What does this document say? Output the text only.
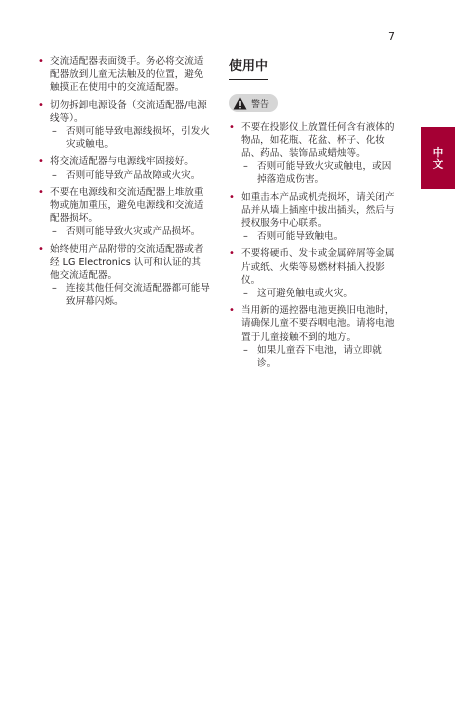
7
中文
• 交流适配器表面烫手。务必将交流适配器放到儿童无法触及的位置，避免触摸正在使用中的交流适配器。
• 切勿拆卸电源设备（交流适配器/电源线等）。
– 否则可能导致电源线损坏，引发火灾或触电。
• 将交流适配器与电源线牢固接好。
– 否则可能导致产品故障或火灾。
• 不要在电源线和交流适配器上堆放重物或施加重压，避免电源线和交流适配器损坏。
– 否则可能导致火灾或产品损坏。
• 始终使用产品附带的交流适配器或者经 LG Electronics 认可和认证的其他交流适配器。
– 连接其他任何交流适配器都可能导致屏幕闪烁。
使用中
警告
• 不要在投影仪上放置任何含有液体的物品，如花瓶、花盆、杯子、化妆品、药品、装饰品或蜡烛等。
– 否则可能导致火灾或触电，或因掉落造成伤害。
• 如重击本产品或机壳损坏，请关闭产品并从墙上插座中拔出插头，然后与授权服务中心联系。
– 否则可能导致触电。
• 不要将硬币、发卡或金属碎屑等金属片或纸、火柴等易燃材料插入投影仪。
– 这可避免触电或火灾。
• 当用新的遥控器电池更换旧电池时，请确保儿童不要吞咽电池。请将电池置于儿童接触不到的地方。
– 如果儿童吞下电池，请立即就诊。
